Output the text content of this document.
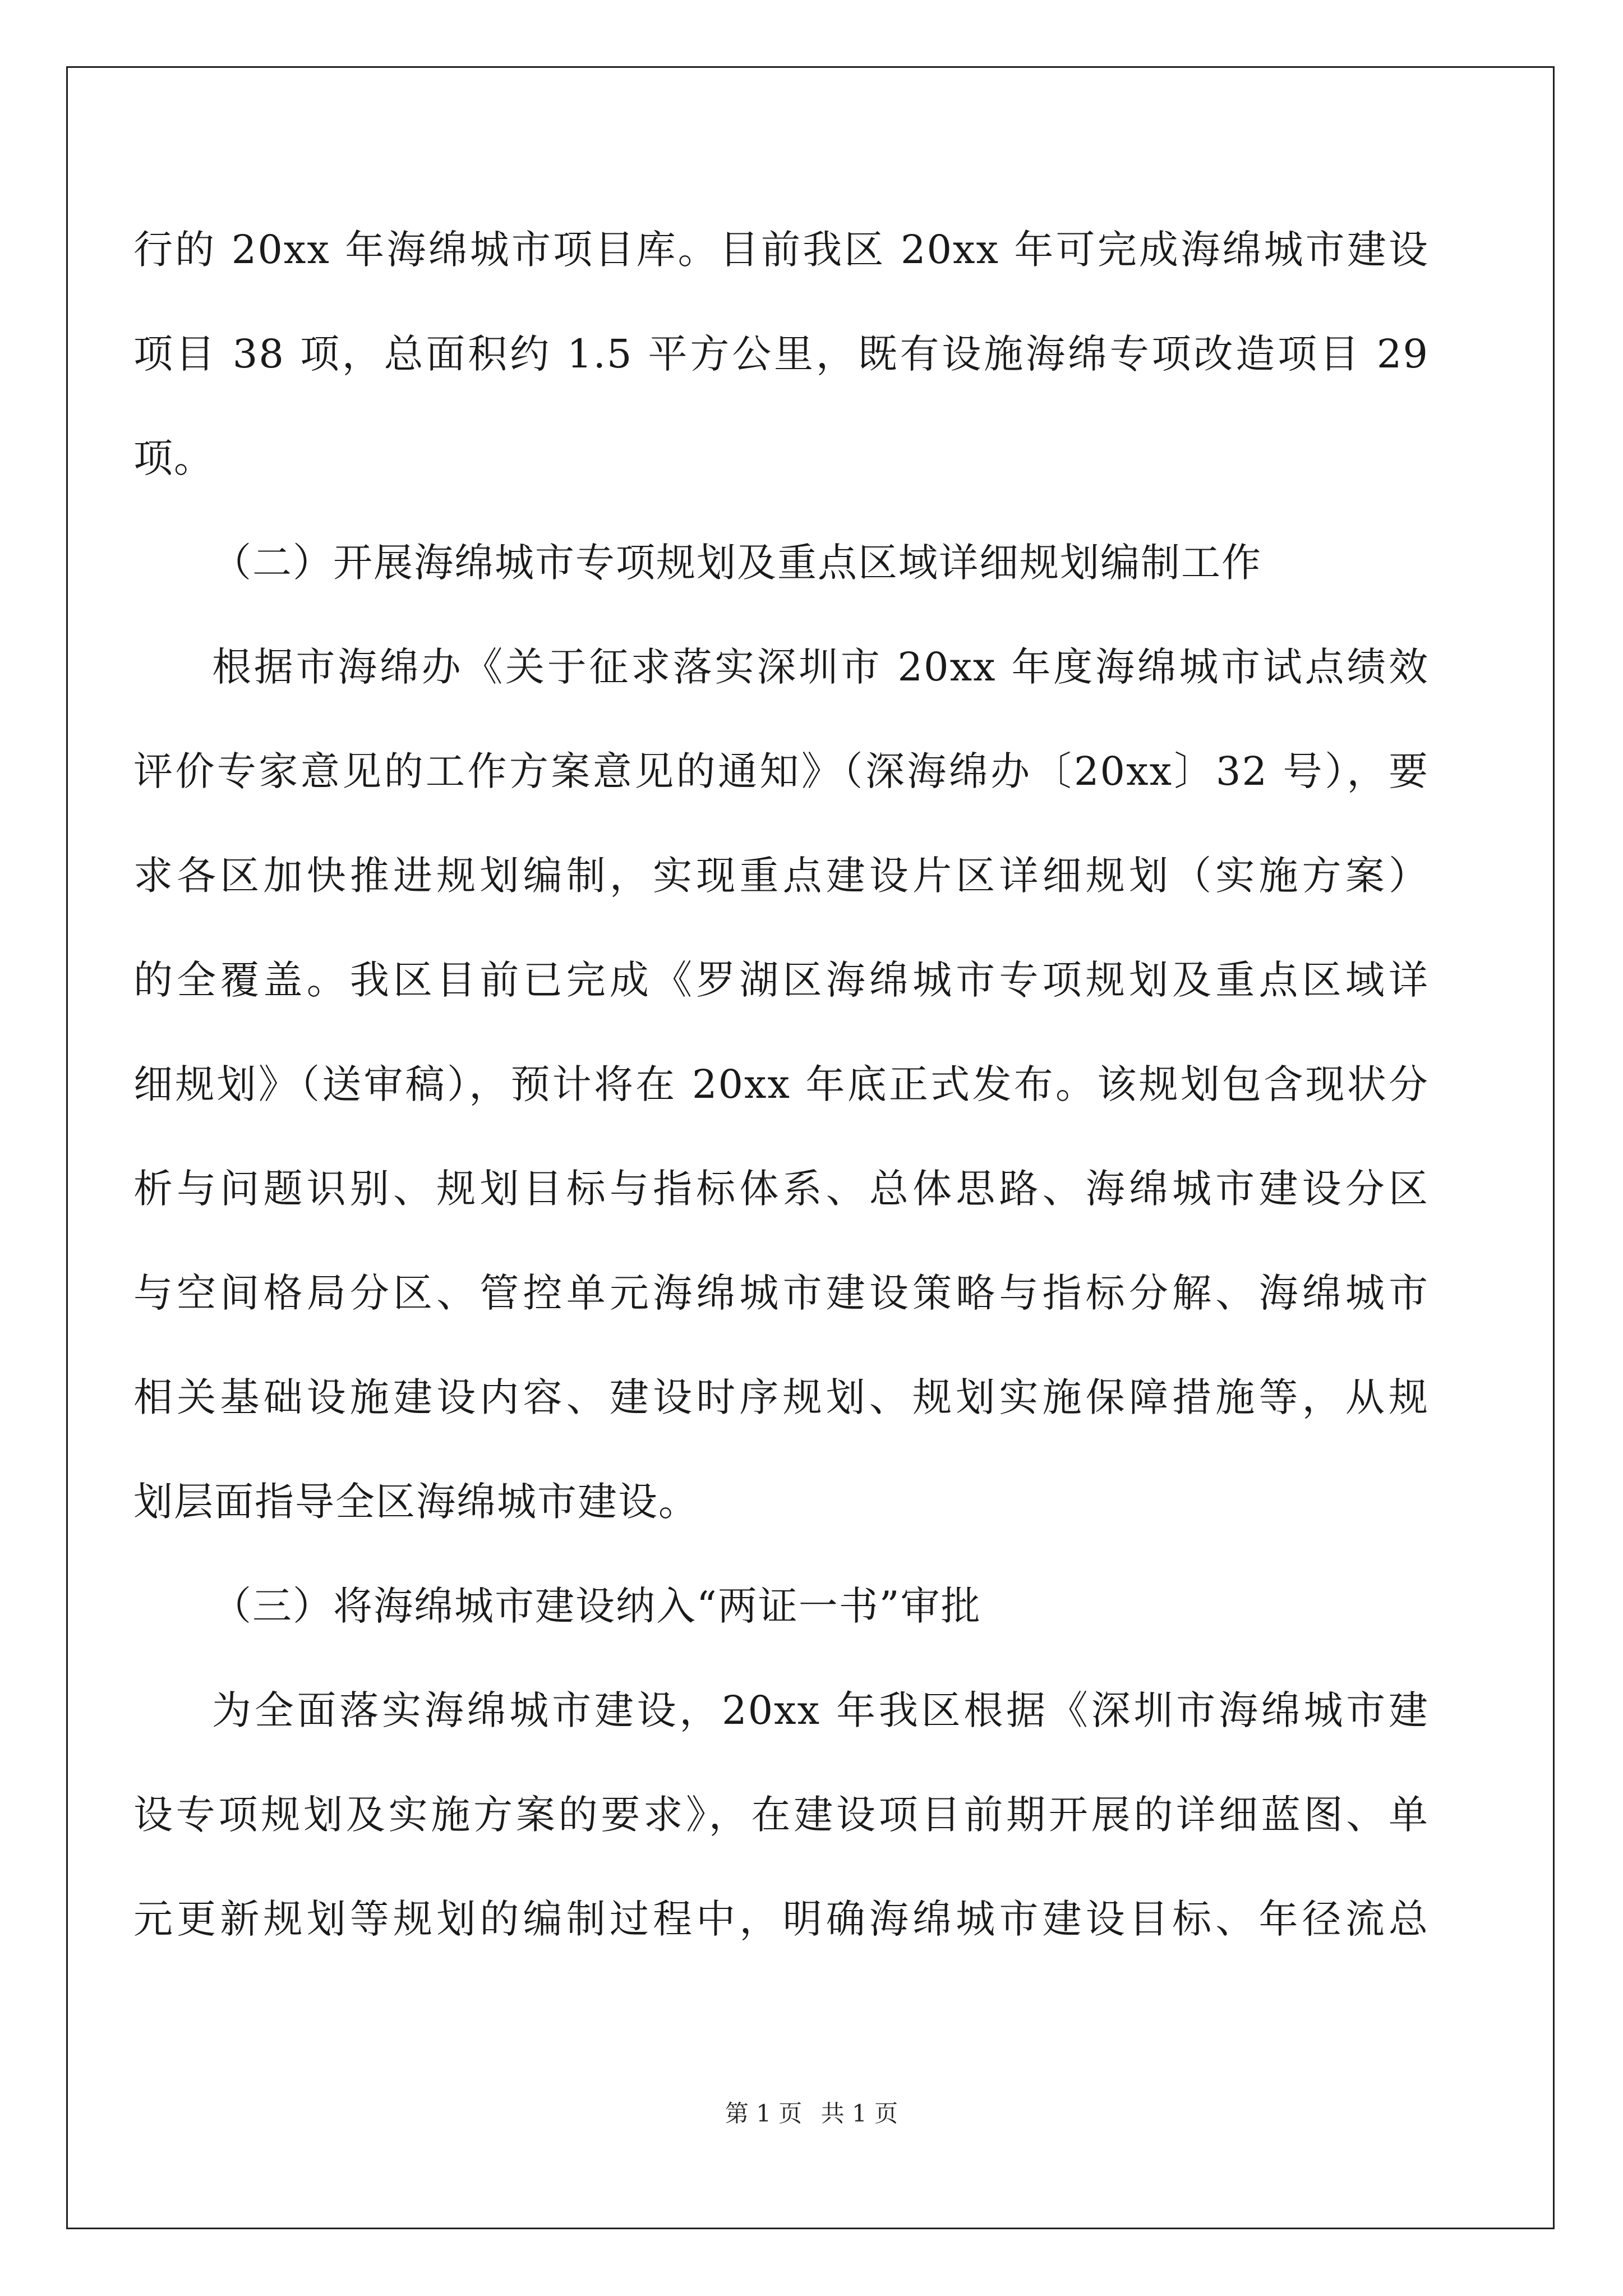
行的 20xx 年海绵城市项目库。目前我区 20xx 年可完成海绵城市建设
项目 38 项，总面积约 1.5 平方公里，既有设施海绵专项改造项目 29
项。
（二）开展海绵城市专项规划及重点区域详细规划编制工作
根据市海绵办《关于征求落实深圳市 20xx 年度海绵城市试点绩效
评价专家意见的工作方案意见的通知》（深海绵办〔20xx〕32 号），要
求各区加快推进规划编制，实现重点建设片区详细规划（实施方案）
的全覆盖。我区目前已完成《罗湖区海绵城市专项规划及重点区域详
细规划》（送审稿），预计将在 20xx 年底正式发布。该规划包含现状分
析与问题识别、规划目标与指标体系、总体思路、海绵城市建设分区
与空间格局分区、管控单元海绵城市建设策略与指标分解、海绵城市
相关基础设施建设内容、建设时序规划、规划实施保障措施等，从规
划层面指导全区海绵城市建设。
（三）将海绵城市建设纳入“两证一书”审批
为全面落实海绵城市建设，20xx 年我区根据《深圳市海绵城市建
设专项规划及实施方案的要求》，在建设项目前期开展的详细蓝图、单
元更新规划等规划的编制过程中，明确海绵城市建设目标、年径流总
第 1 页 共 1 页
